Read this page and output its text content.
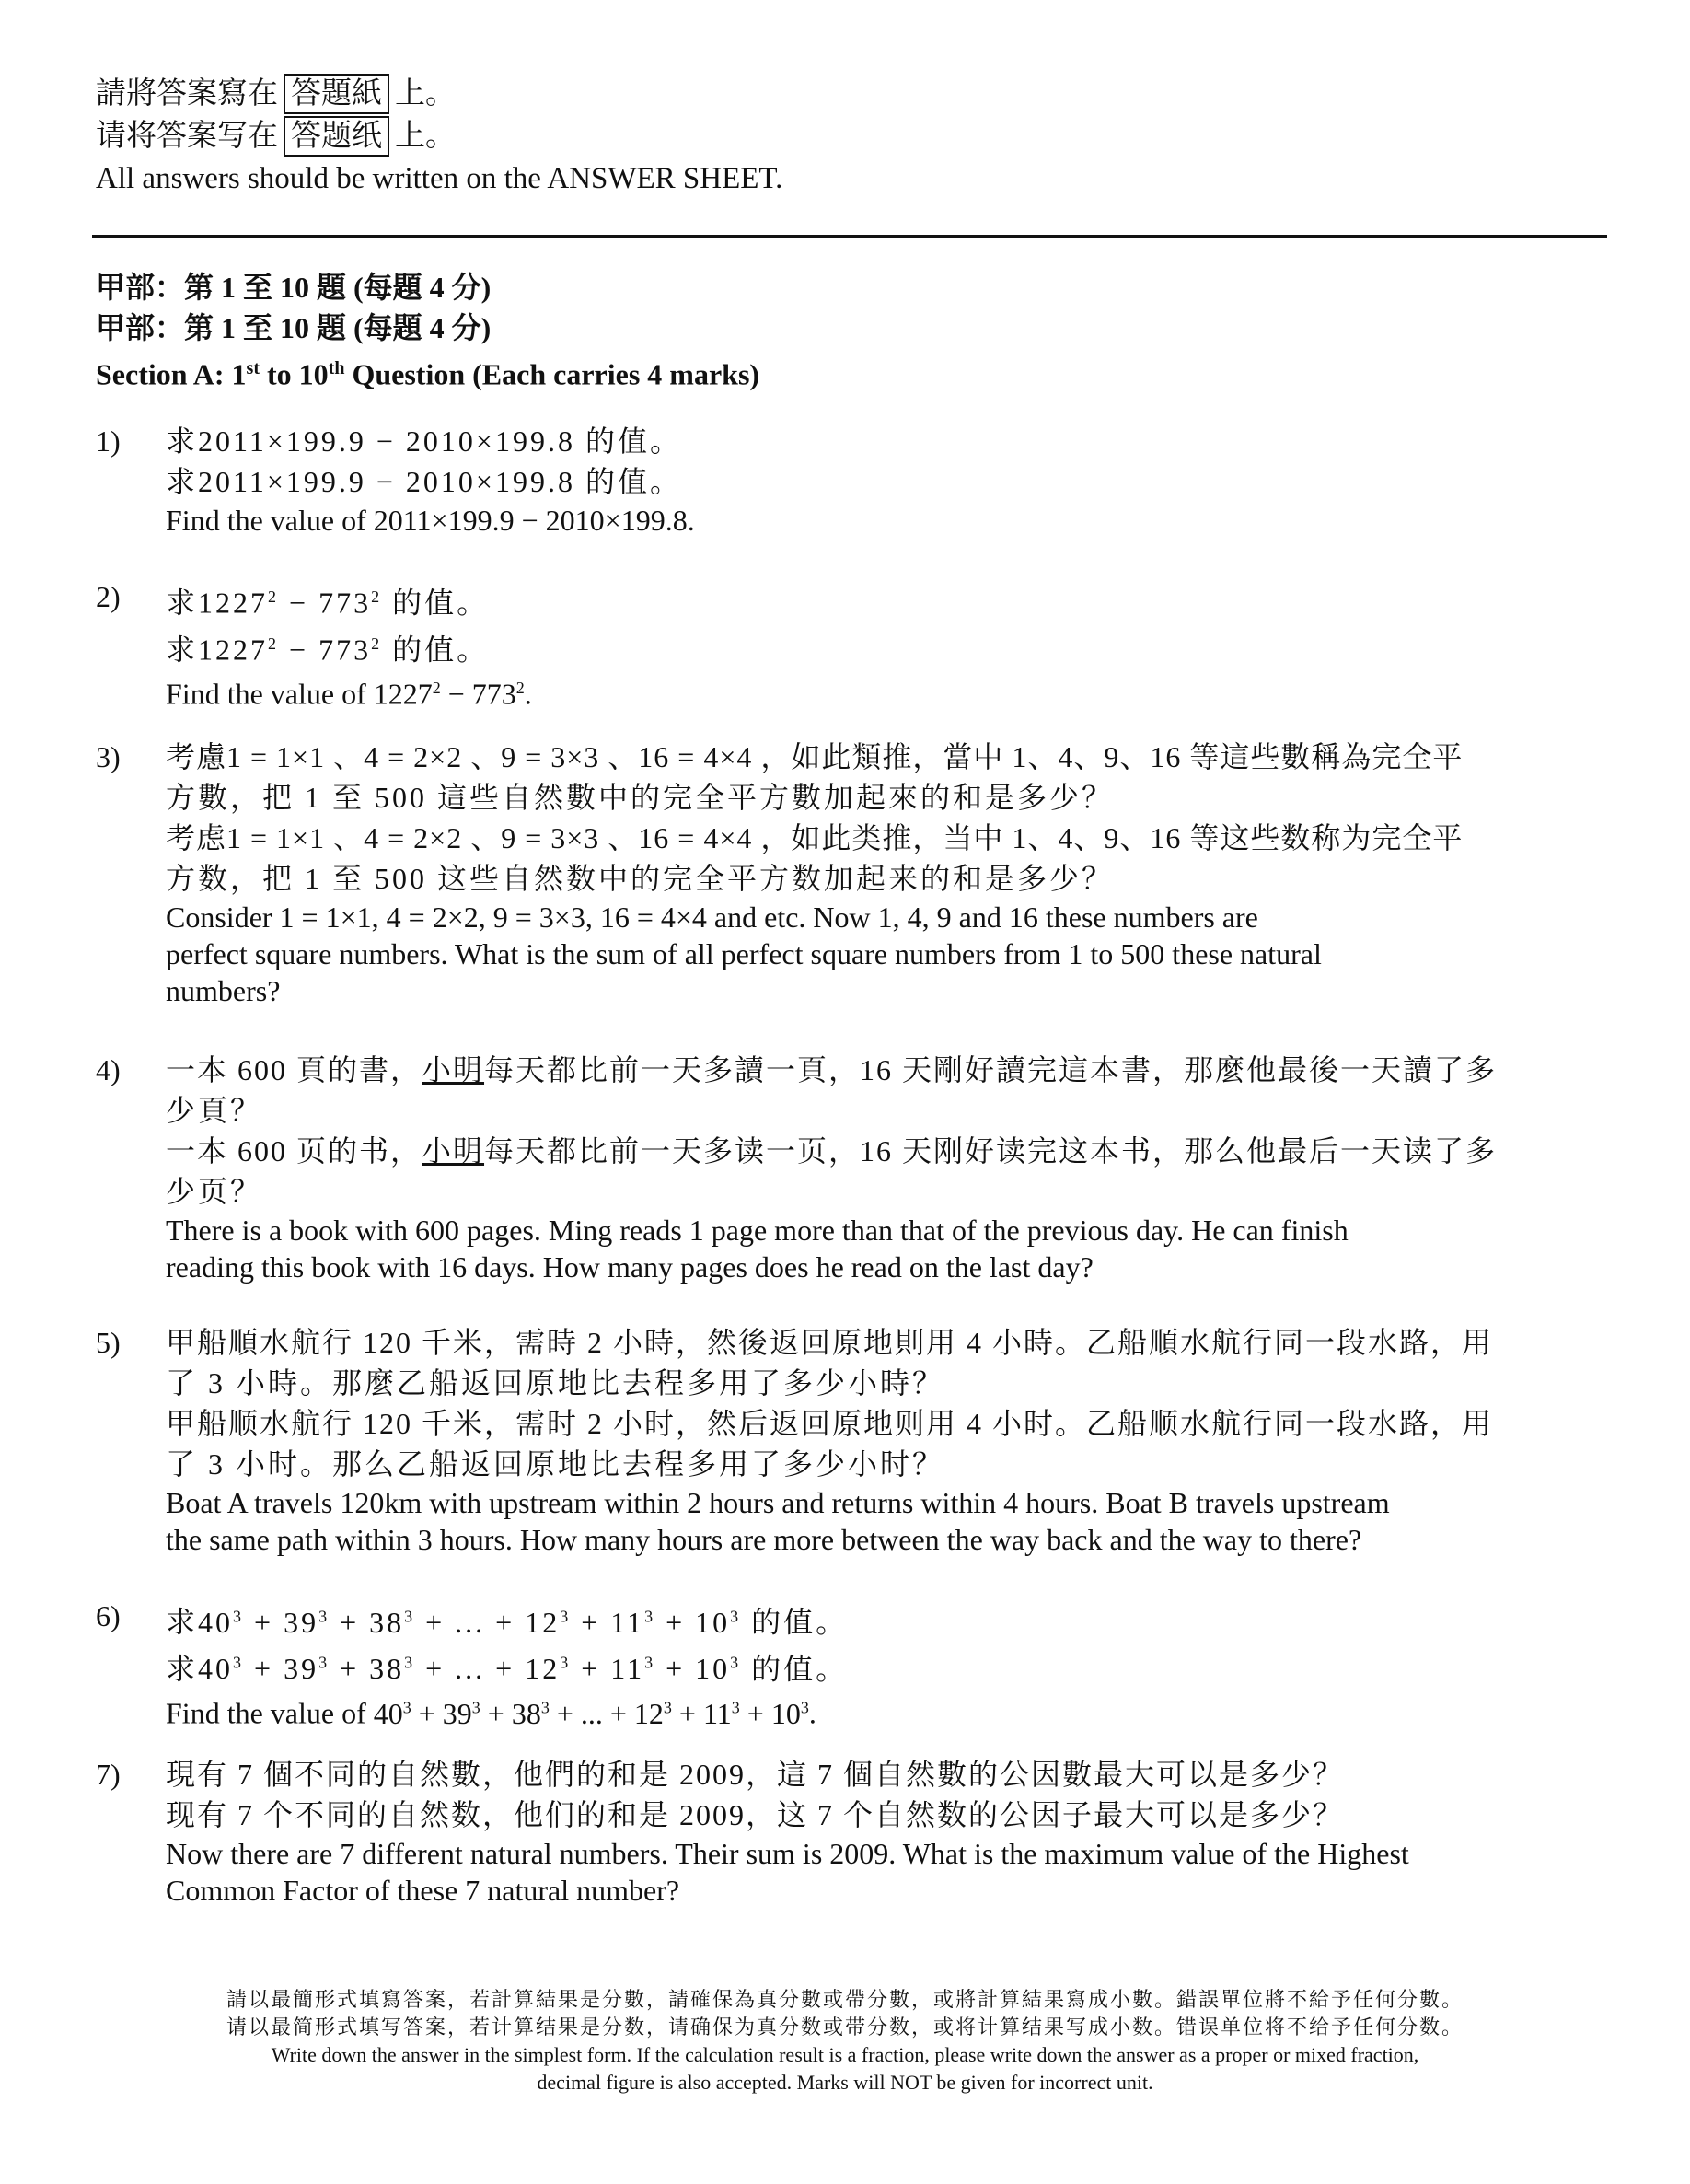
請將答案寫在 答題紙 上。
请将答案写在 答题纸 上。
All answers should be written on the ANSWER SHEET.
甲部：第 1 至 10 題 (每題 4 分)
甲部：第 1 至 10 題 (每題 4 分)
Section A: 1st to 10th Question (Each carries 4 marks)
1) 求2011×199.9 − 2010×199.8 的值。
求2011×199.9 − 2010×199.8 的值。
Find the value of 2011×199.9 − 2010×199.8.
2) 求$1227^2 - 773^2$ 的值。
求$1227^2 - 773^2$ 的值。
Find the value of $1227^2 - 773^2$.
3) 考慮1 = 1×1 、4 = 2×2 、9 = 3×3 、16 = 4×4 ，如此類推，當中 1、4、9、16 等這些數稱為完全平
方數，把 1 至 500 這些自然數中的完全平方數加起來的和是多少？
考虑1 = 1×1 、4 = 2×2 、9 = 3×3 、16 = 4×4 ，如此类推，当中 1、4、9、16 等这些数称为完全平
方数，把 1 至 500 这些自然数中的完全平方数加起来的和是多少？
Consider 1 = 1×1, 4 = 2×2, 9 = 3×3, 16 = 4×4 and etc. Now 1, 4, 9 and 16 these numbers are
perfect square numbers. What is the sum of all perfect square numbers from 1 to 500 these natural
numbers?
4) 一本 600 頁的書，小明每天都比前一天多讀一頁，16 天剛好讀完這本書，那麼他最後一天讀了多
少頁？
一本 600 页的书，小明每天都比前一天多读一页，16 天刚好读完这本书，那么他最后一天读了多
少页？
There is a book with 600 pages. Ming reads 1 page more than that of the previous day. He can finish
reading this book with 16 days. How many pages does he read on the last day?
5) 甲船順水航行 120 千米，需時 2 小時，然後返回原地則用 4 小時。乙船順水航行同一段水路，用
了 3 小時。那麼乙船返回原地比去程多用了多少小時？
甲船顺水航行 120 千米，需时 2 小时，然后返回原地则用 4 小时。乙船顺水航行同一段水路，用
了 3 小时。那么乙船返回原地比去程多用了多少小时？
Boat A travels 120km with upstream within 2 hours and returns within 4 hours. Boat B travels upstream
the same path within 3 hours. How many hours are more between the way back and the way to there?
6) 求$40^3 + 39^3 + 38^3$ + ... + $12^3 + 11^3 + 10^3$ 的值。
求$40^3 + 39^3 + 38^3$ + ... + $12^3 + 11^3 + 10^3$ 的值。
Find the value of $40^3 + 39^3 + 38^3$ + ... + $12^3 + 11^3 + 10^3$.
7) 現有 7 個不同的自然數，他們的和是 2009，這 7 個自然數的公因數最大可以是多少？
现有 7 个不同的自然数，他们的和是 2009，这 7 个自然数的公因子最大可以是多少？
Now there are 7 different natural numbers. Their sum is 2009. What is the maximum value of the Highest
Common Factor of these 7 natural number?
請以最簡形式填寫答案，若計算結果是分數，請確保為真分數或帶分數，或將計算結果寫成小數。錯誤單位將不給予任何分數。
请以最简形式填写答案，若计算结果是分数，请确保为真分数或带分数，或将计算结果写成小数。错误单位将不给予任何分数。
Write down the answer in the simplest form. If the calculation result is a fraction, please write down the answer as a proper or mixed fraction,
decimal figure is also accepted. Marks will NOT be given for incorrect unit.
